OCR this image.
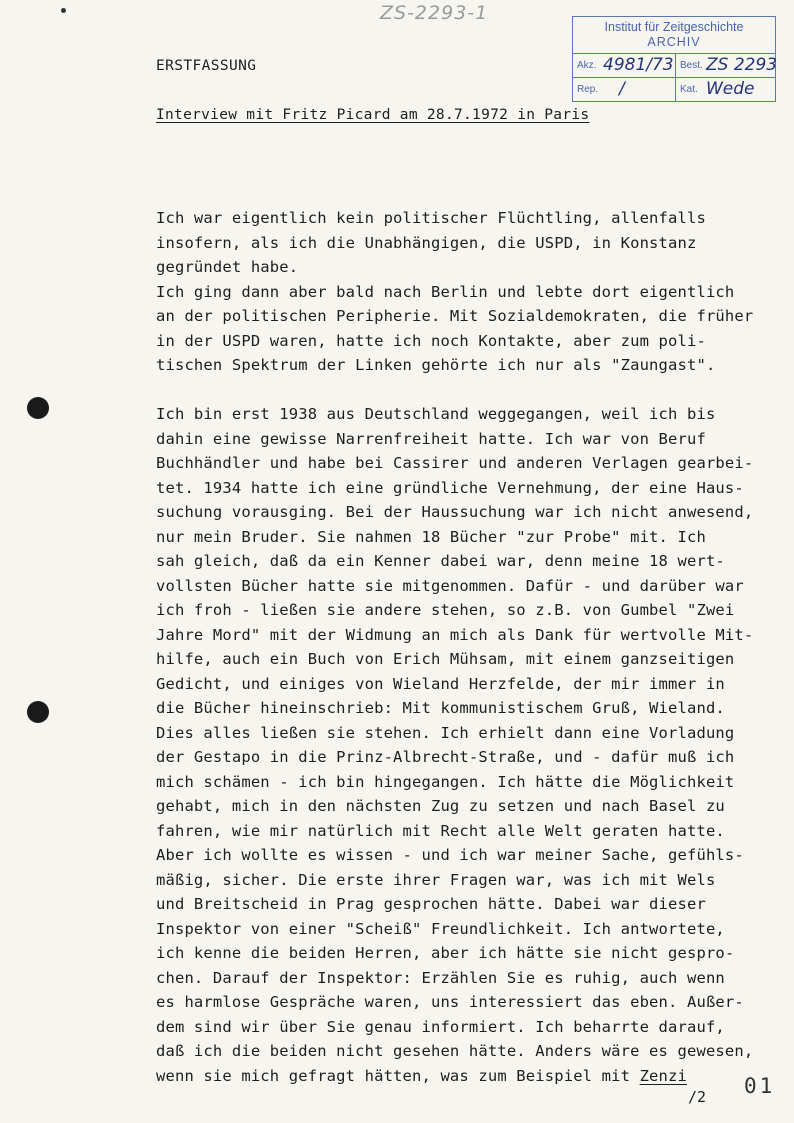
ZS-2293-1
Institut für Zeitgeschichte
ARCHIV
Akz. 4981/73 Best. ZS 2293
Rep. /	Kat. Wede
ERSTFASSUNG
Interview mit Fritz Picard am 28.7.1972 in Paris
Ich war eigentlich kein politischer Flüchtling, allenfalls
insofern, als ich die Unabhängigen, die USPD, in Konstanz
gegründet habe.
Ich ging dann aber bald nach Berlin und lebte dort eigentlich
an der politischen Peripherie. Mit Sozialdemokraten, die früher
in der USPD waren, hatte ich noch Kontakte, aber zum poli-
tischen Spektrum der Linken gehörte ich nur als "Zaungast".
Ich bin erst 1938 aus Deutschland weggegangen, weil ich bis
dahin eine gewisse Narrenfreiheit hatte. Ich war von Beruf
Buchhändler und habe bei Cassirer und anderen Verlagen gearbei-
tet. 1934 hatte ich eine gründliche Vernehmung, der eine Haus-
suchung vorausging. Bei der Haussuchung war ich nicht anwesend,
nur mein Bruder. Sie nahmen 18 Bücher "zur Probe" mit. Ich
sah gleich, daß da ein Kenner dabei war, denn meine 18 wert-
vollsten Bücher hatte sie mitgenommen. Dafür - und darüber war
ich froh - ließen sie andere stehen, so z.B. von Gumbel "Zwei
Jahre Mord" mit der Widmung an mich als Dank für wertvolle Mit-
hilfe, auch ein Buch von Erich Mühsam, mit einem ganzseitigen
Gedicht, und einiges von Wieland Herzfelde, der mir immer in
die Bücher hineinschrieb: Mit kommunistischem Gruß, Wieland.
Dies alles ließen sie stehen. Ich erhielt dann eine Vorladung
der Gestapo in die Prinz-Albrecht-Straße, und - dafür muß ich
mich schämen - ich bin hingegangen. Ich hätte die Möglichkeit
gehabt, mich in den nächsten Zug zu setzen und nach Basel zu
fahren, wie mir natürlich mit Recht alle Welt geraten hatte.
Aber ich wollte es wissen - und ich war meiner Sache, gefühls-
mäßig, sicher. Die erste ihrer Fragen war, was ich mit Wels
und Breitscheid in Prag gesprochen hätte. Dabei war dieser
Inspektor von einer "Scheiß" Freundlichkeit. Ich antwortete,
ich kenne die beiden Herren, aber ich hätte sie nicht gespro-
chen. Darauf der Inspektor: Erzählen Sie es ruhig, auch wenn
es harmlose Gespräche waren, uns interessiert das eben. Außer-
dem sind wir über Sie genau informiert. Ich beharrte darauf,
daß ich die beiden nicht gesehen hätte. Anders wäre es gewesen,
wenn sie mich gefragt hätten, was zum Beispiel mit Zenzi
/2 01
